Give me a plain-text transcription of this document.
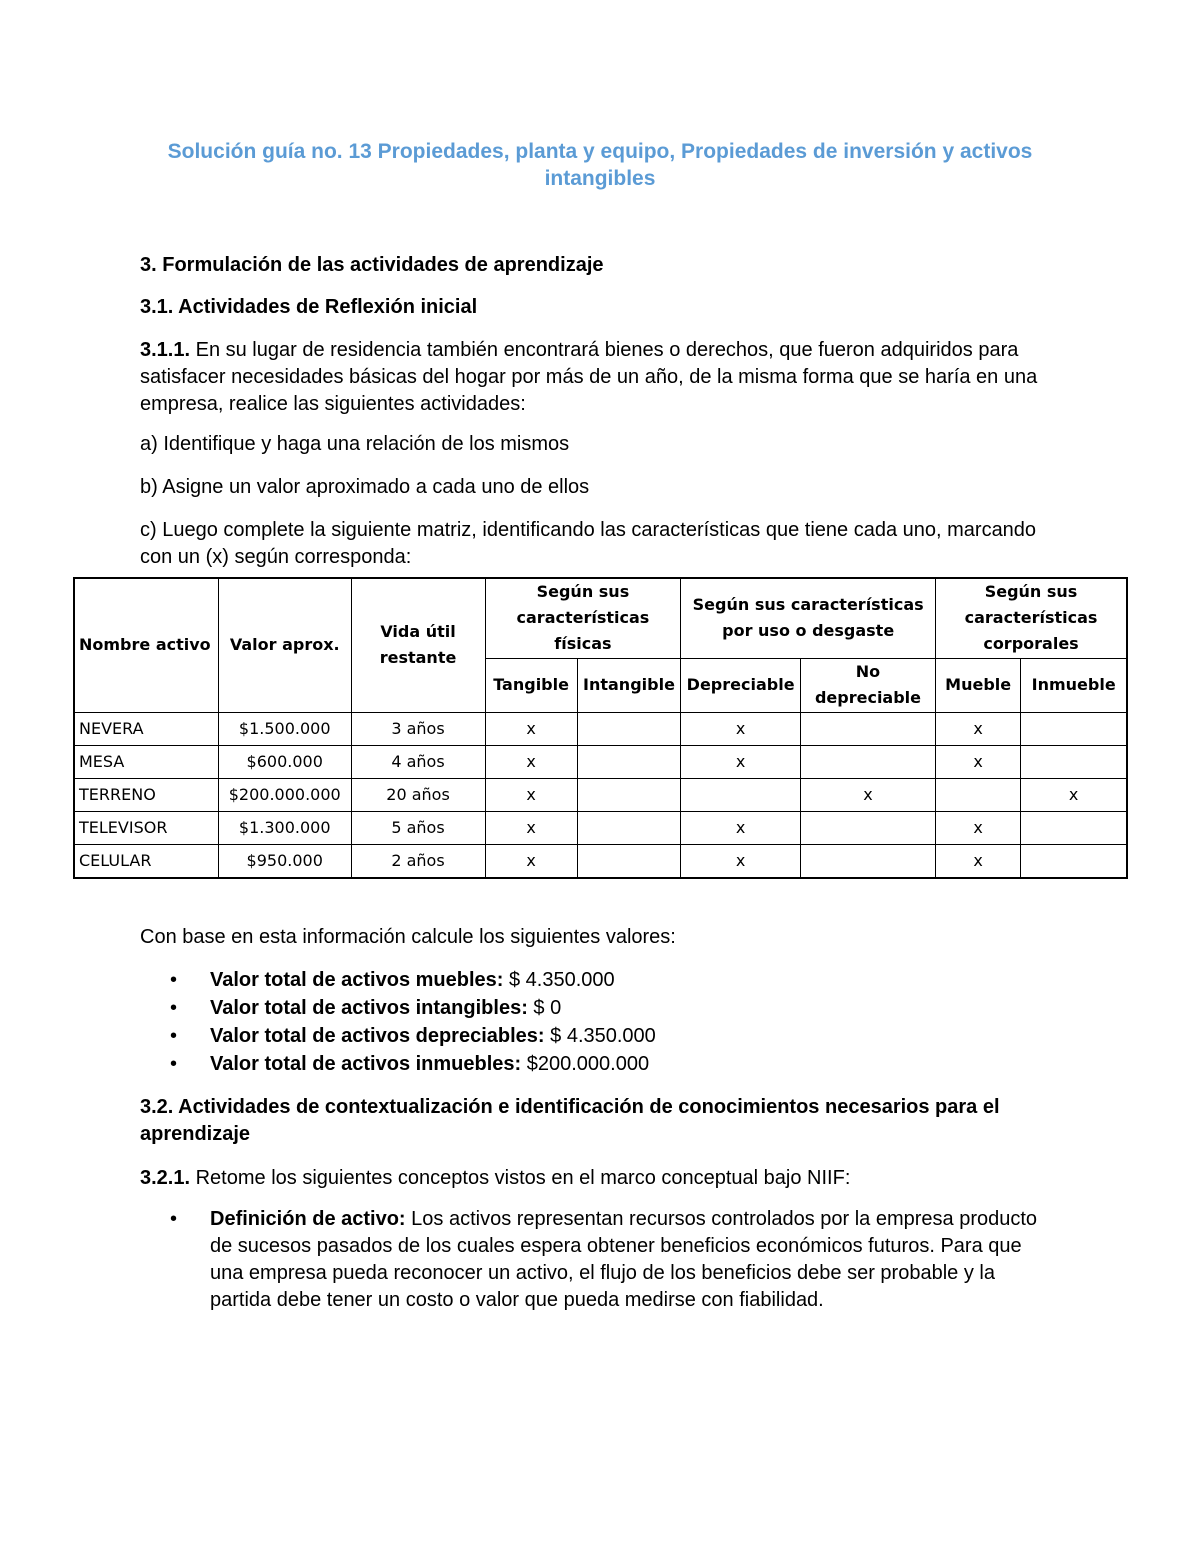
Solución guía no. 13 Propiedades, planta y equipo, Propiedades de inversión y activos intangibles
3. Formulación de las actividades de aprendizaje
3.1. Actividades de Reflexión inicial
3.1.1. En su lugar de residencia también encontrará bienes o derechos, que fueron adquiridos para satisfacer necesidades básicas del hogar por más de un año, de la misma forma que se haría en una empresa, realice las siguientes actividades:
a) Identifique y haga una relación de los mismos
b) Asigne un valor aproximado a cada uno de ellos
c) Luego complete la siguiente matriz, identificando las características que tiene cada uno, marcando con un (x) según corresponda:
Nombre activo	Valor aprox.	Vida útil restante	Según sus características físicas		Según sus características por uso o desgaste		Según sus características corporales	
			Tangible	Intangible	Depreciable	No depreciable	Mueble	Inmueble
NEVERA	$1.500.000	3 años	x		x		x	
MESA	$600.000	4 años	x		x		x	
TERRENO	$200.000.000	20 años	x			x		x
TELEVISOR	$1.300.000	5 años	x		x		x	
CELULAR	$950.000	2 años	x		x		x	
Con base en esta información calcule los siguientes valores:
• Valor total de activos muebles: $ 4.350.000
• Valor total de activos intangibles: $ 0
• Valor total de activos depreciables: $ 4.350.000
• Valor total de activos inmuebles: $200.000.000
3.2. Actividades de contextualización e identificación de conocimientos necesarios para el aprendizaje
3.2.1. Retome los siguientes conceptos vistos en el marco conceptual bajo NIIF:
• Definición de activo: Los activos representan recursos controlados por la empresa producto de sucesos pasados de los cuales espera obtener beneficios económicos futuros. Para que una empresa pueda reconocer un activo, el flujo de los beneficios debe ser probable y la partida debe tener un costo o valor que pueda medirse con fiabilidad.
